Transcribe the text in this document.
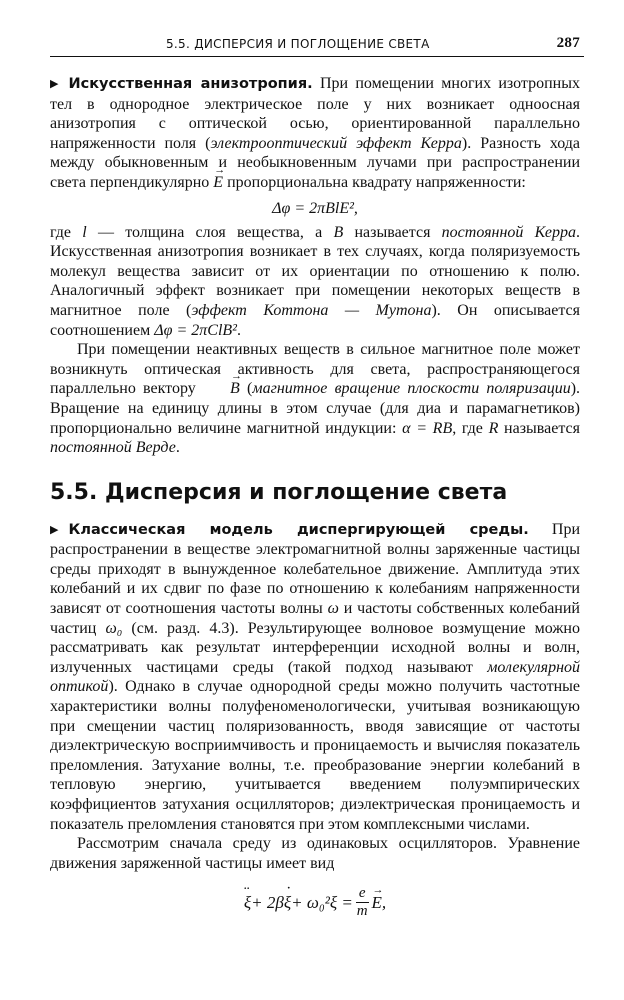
5.5. ДИСПЕРСИЯ И ПОГЛОЩЕНИЕ СВЕТА	287

▶ Искусственная анизотропия. При помещении многих изотропных тел в однородное электрическое поле у них возникает одноосная анизотропия с оптической осью, ориентированной параллельно напряженности поля (электрооптический эффект Керра). Разность хода между обыкновенным и необыкновенным лучами при распространении света перпендикулярно → E пропорциональна квадрату напряженности:

Δφ = 2πBlE²,

где l — толщина слоя вещества, а B называется постоянной Керра. Искусственная анизотропия возникает в тех случаях, когда поляризуемость молекул вещества зависит от их ориентации по отношению к полю. Аналогичный эффект возникает при помещении некоторых веществ в магнитное поле (эффект Коттона — Мутона). Он описывается соотношением Δφ = 2πClB².

При помещении неактивных веществ в сильное магнитное поле может возникнуть оптическая активность для света, распространяющегося параллельно вектору → B (магнитное вращение плоскости поляризации). Вращение на единицу длины в этом случае (для диа и парамагнетиков) пропорционально величине магнитной индукции: α = RB, где R называется постоянной Верде.

5.5. Дисперсия и поглощение света

▶ Классическая модель диспергирующей среды. При распространении в веществе электромагнитной волны заряженные частицы среды приходят в вынужденное колебательное движение. Амплитуда этих колебаний и их сдвиг по фазе по отношению к колебаниям напряженности зависят от соотношения частоты волны ω и частоты собственных колебаний частиц ω₀ (см. разд. 4.3). Результирующее волновое возмущение можно рассматривать как результат интерференции исходной волны и волн, излученных частицами среды (такой подход называют молекулярной оптикой). Однако в случае однородной среды можно получить частотные характеристики волны полуфеноменологически, учитывая возникающую при смещении частиц поляризованность, вводя зависящие от частоты диэлектрическую восприимчивость и проницаемость и вычисляя показатель преломления. Затухание волны, т.е. преобразование энергии колебаний в тепловую энергию, учитывается введением полуэмпирических коэффициентов затухания осцилляторов; диэлектрическая проницаемость и показатель преломления становятся при этом комплексными числами.

Рассмотрим сначала среду из одинаковых осцилляторов. Уравнение движения заряженной частицы имеет вид

¨ ξ + 2β
˙ $\xi + \omega_0^2\xi = \frac{e}{m}$
→ E ,
